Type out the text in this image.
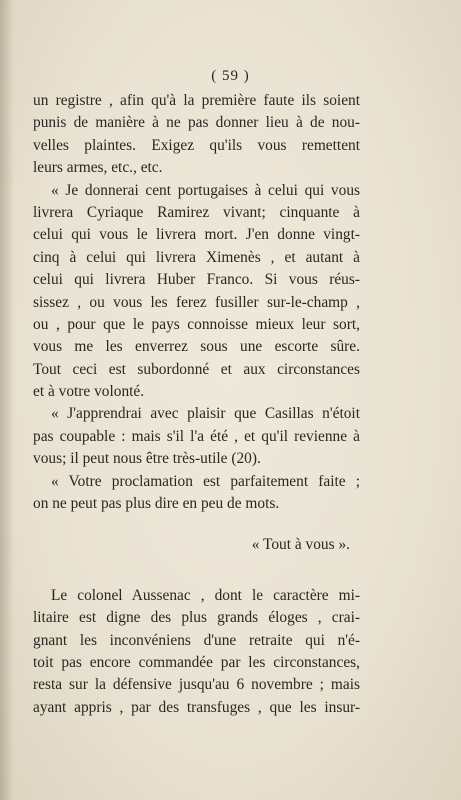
( 59 )
un registre , afin qu'à la première faute ils soient
punis de manière à ne pas donner lieu à de nou-
velles plaintes. Exigez qu'ils vous remettent
leurs armes, etc., etc.
« Je donnerai cent portugaises à celui qui vous
livrera Cyriaque Ramirez vivant; cinquante à
celui qui vous le livrera mort. J'en donne vingt-
cinq à celui qui livrera Ximenès , et autant à
celui qui livrera Huber Franco. Si vous réus-
sissez , ou vous les ferez fusiller sur-le-champ ,
ou , pour que le pays connoisse mieux leur sort,
vous me les enverrez sous une escorte sûre.
Tout ceci est subordonné et aux circonstances
et à votre volonté.
« J'apprendrai avec plaisir que Casillas n'étoit
pas coupable : mais s'il l'a été , et qu'il revienne à
vous; il peut nous être très-utile (20).
« Votre proclamation est parfaitement faite ;
on ne peut pas plus dire en peu de mots.
« Tout à vous ».
Le colonel Aussenac , dont le caractère mi-
litaire est digne des plus grands éloges , crai-
gnant les inconvéniens d'une retraite qui n'é-
toit pas encore commandée par les circonstances,
resta sur la défensive jusqu'au 6 novembre ; mais
ayant appris , par des transfuges , que les insur-
